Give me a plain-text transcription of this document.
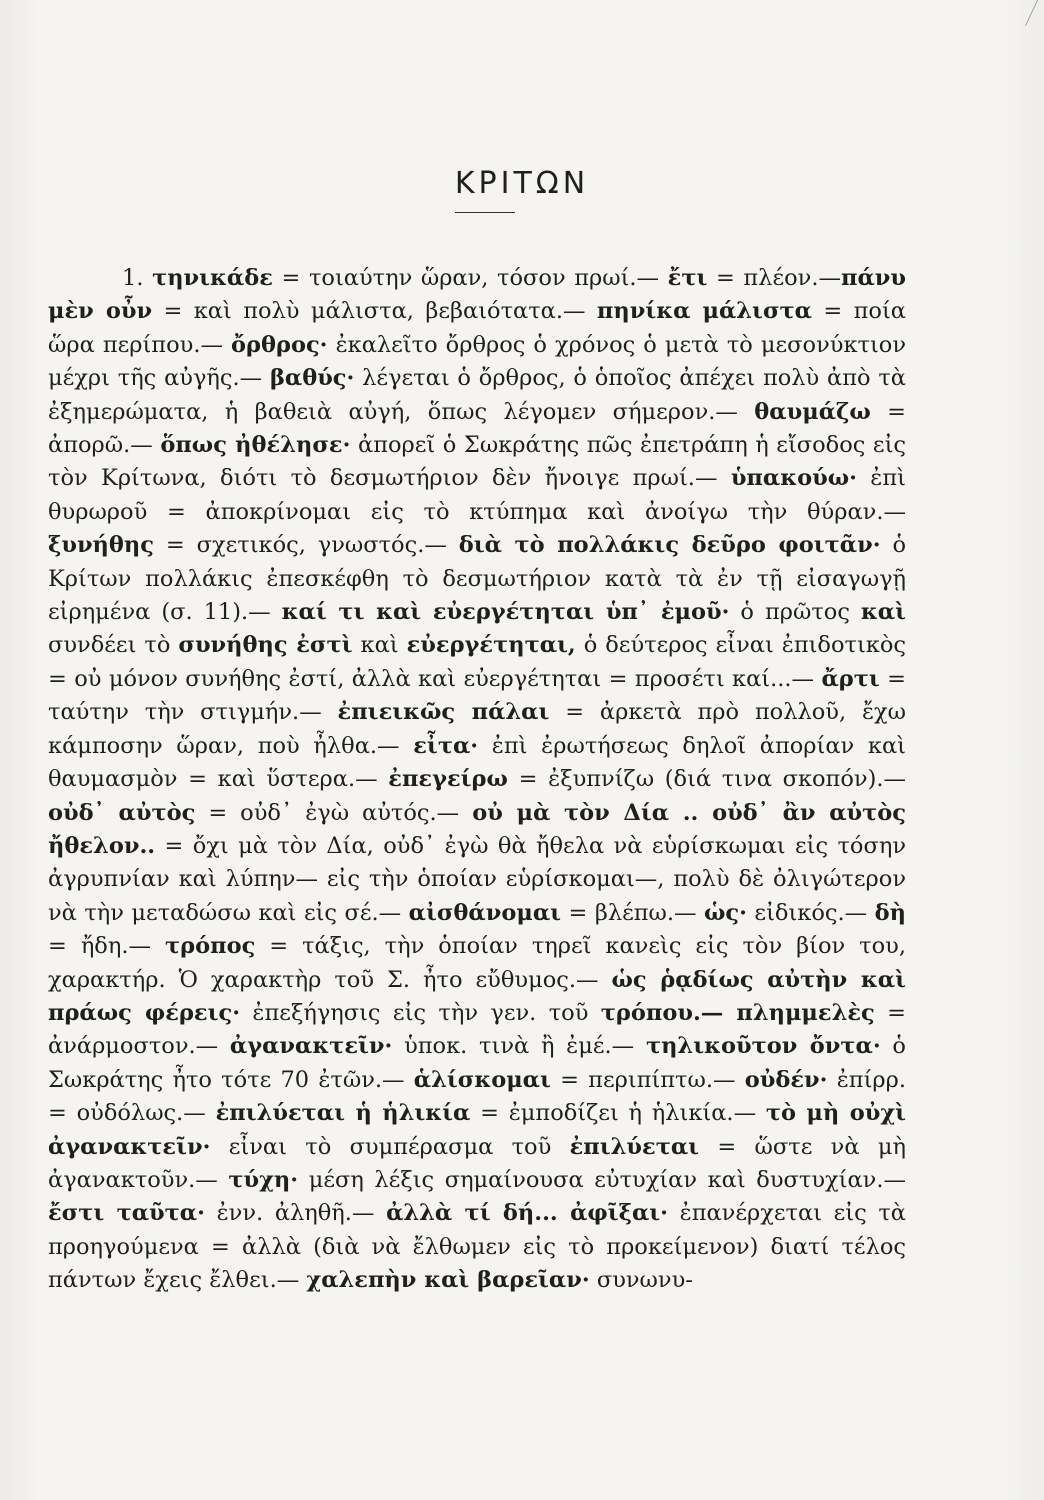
ΚΡΙΤΩΝ

1. τηνικάδε = τοιαύτην ὥραν, τόσον πρωί.— ἔτι = πλέον.—πάνυ μὲν οὖν = καὶ πολὺ μάλιστα, βεβαιότατα.— πηνίκα μάλιστα = ποία ὥρα περίπου.— ὄρθρος· ἐκαλεῖτο ὄρθρος ὁ χρόνος ὁ μετὰ τὸ μεσονύκτιον μέχρι τῆς αὐγῆς.— βαθύς· λέγεται ὁ ὄρθρος, ὁ ὁποῖος ἀπέχει πολὺ ἀπὸ τὰ ἐξημερώματα, ἡ βαθειὰ αὐγή, ὅπως λέγομεν σήμερον.— θαυμάζω = ἀπορῶ.— ὅπως ἠθέλησε· ἀπορεῖ ὁ Σωκράτης πῶς ἐπετράπη ἡ εἴσοδος εἰς τὸν Κρίτωνα, διότι τὸ δεσμωτήριον δὲν ἤνοιγε πρωί.— ὑπακούω· ἐπὶ θυρωροῦ = ἀποκρίνομαι εἰς τὸ κτύπημα καὶ ἀνοίγω τὴν θύραν.— ξυνήθης = σχετικός, γνωστός.— διὰ τὸ πολλάκις δεῦρο φοιτᾶν· ὁ Κρίτων πολλάκις ἐπεσκέφθη τὸ δεσμωτήριον κατὰ τὰ ἐν τῇ εἰσαγωγῇ εἰρημένα (σ. 11).— καί τι καὶ εὐεργέτηται ὑπ᾽ ἐμοῦ· ὁ πρῶτος καὶ συνδέει τὸ συνήθης ἐστὶ καὶ εὐεργέτηται, ὁ δεύτερος εἶναι ἐπιδοτικὸς = οὐ μόνον συνήθης ἐστί, ἀλλὰ καὶ εὐεργέτηται = προσέτι καί...— ἄρτι = ταύτην τὴν στιγμήν.— ἐπιεικῶς πάλαι = ἀρκετὰ πρὸ πολλοῦ, ἔχω κάμποσην ὥραν, ποὺ ἦλθα.— εἶτα· ἐπὶ ἐρωτήσεως δηλοῖ ἀπορίαν καὶ θαυμασμὸν = καὶ ὕστερα.— ἐπεγείρω = ἐξυπνίζω (διά τινα σκοπόν).— οὐδ᾽ αὐτὸς = οὐδ᾽ ἐγὼ αὐτός.— οὐ μὰ τὸν Δία .. οὐδ᾽ ἂν αὐτὸς ἤθελον.. = ὄχι μὰ τὸν Δία, οὐδ᾽ ἐγὼ θὰ ἤθελα νὰ εὑρίσκωμαι εἰς τόσην ἀγρυπνίαν καὶ λύπην— εἰς τὴν ὁποίαν εὑρίσκομαι—, πολὺ δὲ ὀλιγώτερον νὰ τὴν μεταδώσω καὶ εἰς σέ.— αἰσθάνομαι = βλέπω.— ὡς· εἰδικός.— δὴ = ἤδη.— τρόπος = τάξις, τὴν ὁποίαν τηρεῖ κανεὶς εἰς τὸν βίον του, χαρακτήρ. Ὁ χαρακτὴρ τοῦ Σ. ἦτο εὔθυμος.— ὡς ῥᾳδίως αὐτὴν καὶ πράως φέρεις· ἐπεξήγησις εἰς τὴν γεν. τοῦ τρόπου.— πλημμελὲς = ἀνάρμοστον.— ἀγανακτεῖν· ὑποκ. τινὰ ἢ ἐμέ.— τηλικοῦτον ὄντα· ὁ Σωκράτης ἦτο τότε 70 ἐτῶν.— ἁλίσκομαι = περιπίπτω.— οὐδέν· ἐπίρρ. = οὐδόλως.— ἐπιλύεται ἡ ἡλικία = ἐμποδίζει ἡ ἡλικία.— τὸ μὴ οὐχὶ ἀγανακτεῖν· εἶναι τὸ συμπέρασμα τοῦ ἐπιλύεται = ὥστε νὰ μὴ ἀγανακτοῦν.— τύχη· μέση λέξις σημαίνουσα εὐτυχίαν καὶ δυστυχίαν.— ἔστι ταῦτα· ἐνν. ἀληθῆ.— ἀλλὰ τί δή... ἀφῖξαι· ἐπανέρχεται εἰς τὰ προηγούμενα = ἀλλὰ (διὰ νὰ ἔλθωμεν εἰς τὸ προκείμενον) διατί τέλος πάντων ἔχεις ἔλθει.— χαλεπὴν καὶ βαρεῖαν· συνωνυ-
